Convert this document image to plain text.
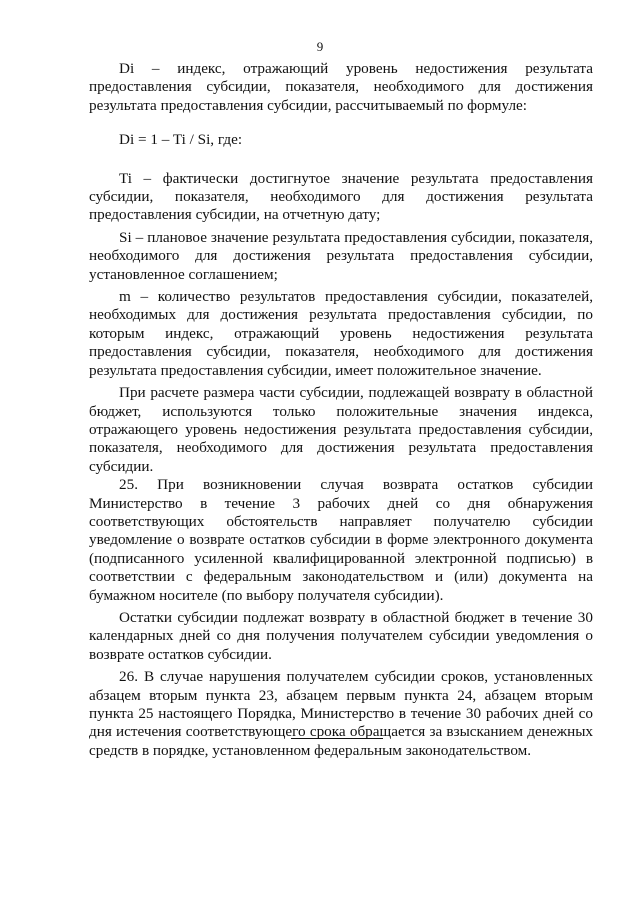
9

Di – индекс, отражающий уровень недостижения результата предоставления субсидии, показателя, необходимого для достижения результата предоставления субсидии, рассчитываемый по формуле:

Di = 1 – Ti / Si, где:

Ti – фактически достигнутое значение результата предоставления субсидии, показателя, необходимого для достижения результата предоставления субсидии, на отчетную дату;

Si – плановое значение результата предоставления субсидии, показателя, необходимого для достижения результата предоставления субсидии, установленное соглашением;

m – количество результатов предоставления субсидии, показателей, необходимых для достижения результата предоставления субсидии, по которым индекс, отражающий уровень недостижения результата предоставления субсидии, показателя, необходимого для достижения результата предоставления субсидии, имеет положительное значение.

При расчете размера части субсидии, подлежащей возврату в областной бюджет, используются только положительные значения индекса, отражающего уровень недостижения результата предоставления субсидии, показателя, необходимого для достижения результата предоставления субсидии.

25. При возникновении случая возврата остатков субсидии Министерство в течение 3 рабочих дней со дня обнаружения соответствующих обстоятельств направляет получателю субсидии уведомление о возврате остатков субсидии в форме электронного документа (подписанного усиленной квалифицированной электронной подписью) в соответствии с федеральным законодательством и (или) документа на бумажном носителе (по выбору получателя субсидии).

Остатки субсидии подлежат возврату в областной бюджет в течение 30 календарных дней со дня получения получателем субсидии уведомления о возврате остатков субсидии.

26. В случае нарушения получателем субсидии сроков, установленных абзацем вторым пункта 23, абзацем первым пункта 24, абзацем вторым пункта 25 настоящего Порядка, Министерство в течение 30 рабочих дней со дня истечения соответствующего срока обращается за взысканием денежных средств в порядке, установленном федеральным законодательством.
